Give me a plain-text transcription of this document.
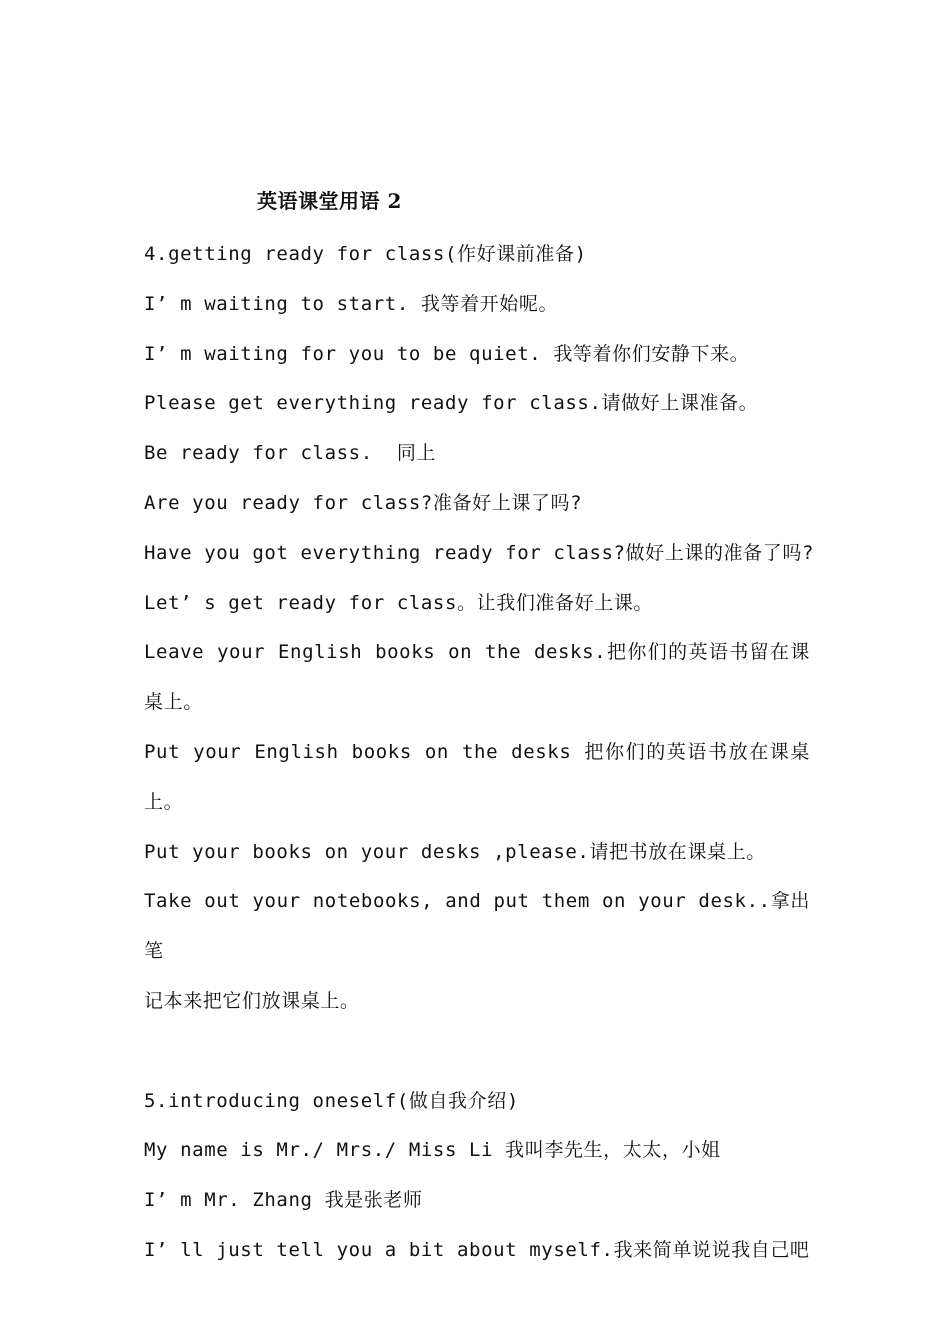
英语课堂用语 2
4.getting ready for class(作好课前准备)
I’ m waiting to start. 我等着开始呢。
I’ m waiting for you to be quiet. 我等着你们安静下来。
Please get everything ready for class.请做好上课准备。
Be ready for class.  同上
Are you ready for class?准备好上课了吗?
Have you got everything ready for class?做好上课的准备了吗?
Let’ s get ready for class。让我们准备好上课。
Leave your English books on the desks.把你们的英语书留在课
桌上。
Put your English books on the desks 把你们的英语书放在课桌
上。
Put your books on your desks ,please.请把书放在课桌上。
Take out your notebooks, and put them on your desk..拿出笔
记本来把它们放课桌上。
5.introducing oneself(做自我介绍)
My name is Mr./ Mrs./ Miss Li 我叫李先生，太太，小姐
I’ m Mr. Zhang 我是张老师
I’ ll just tell you a bit about myself.我来简单说说我自己吧
